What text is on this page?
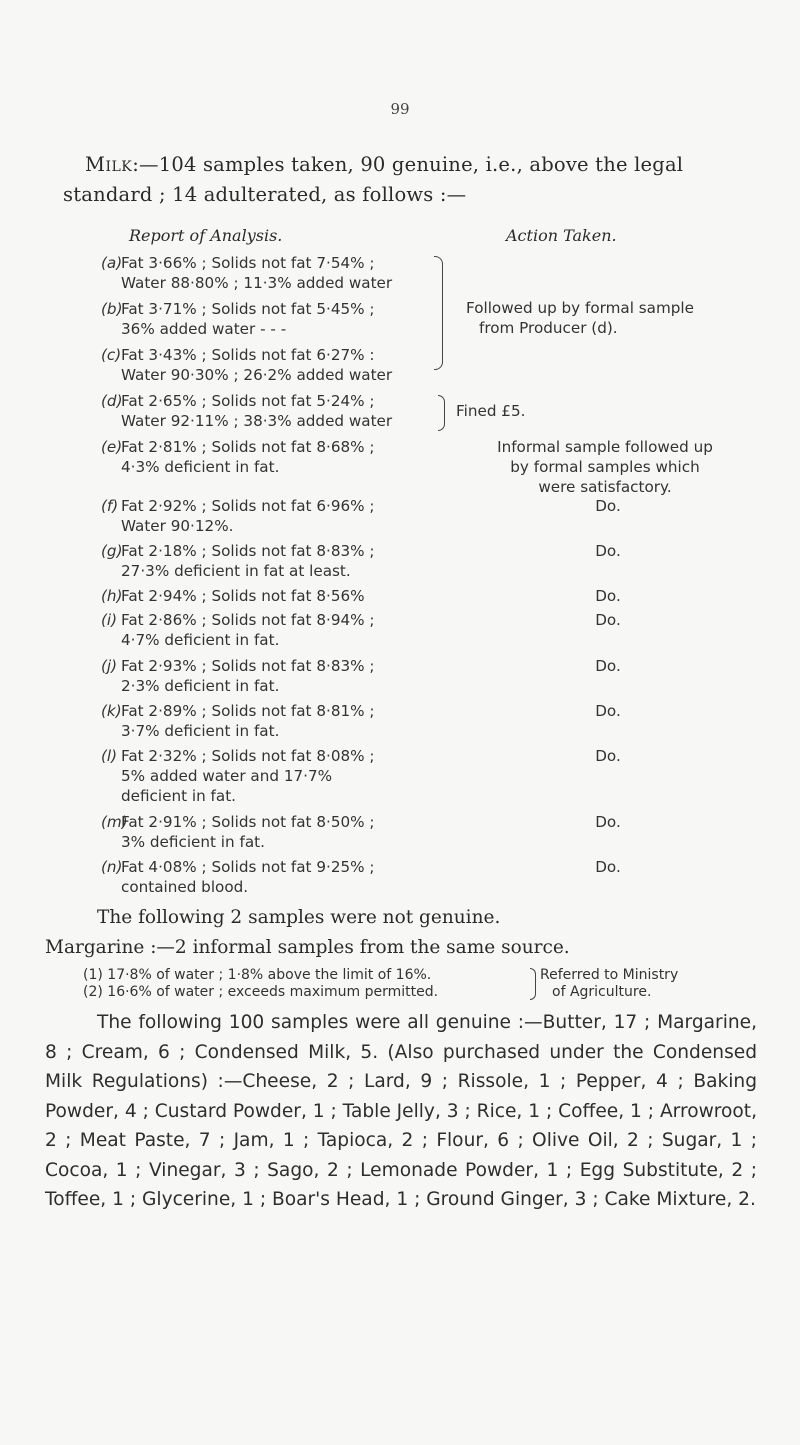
99

Milk:—104 samples taken, 90 genuine, i.e., above the legal

standard ; 14 adulterated, as follows :—

Report of Analysis.	Action Taken.
(a)Fat 3·66% ; Solids not fat 7·54% ;
Water 88·80% ; 11·3% added water
(b)Fat 3·71% ; Solids not fat 5·45% ;
36% added water - - -
(c)Fat 3·43% ; Solids not fat 6·27% :
Water 90·30% ; 26·2% added water
(d)Fat 2·65% ; Solids not fat 5·24% ;
Water 92·11% ; 38·3% added water
(e)Fat 2·81% ; Solids not fat 8·68% ;
4·3% deficient in fat.
(f) Fat 2·92% ; Solids not fat 6·96% ;
Water 90·12%.
(g)Fat 2·18% ; Solids not fat 8·83% ;
27·3% deficient in fat at least.
(h)Fat 2·94% ; Solids not fat 8·56%
(i) Fat 2·86% ; Solids not fat 8·94% ;
4·7% deficient in fat.
(j) Fat 2·93% ; Solids not fat 8·83% ;
2·3% deficient in fat.
(k)Fat 2·89% ; Solids not fat 8·81% ;
3·7% deficient in fat.
(l) Fat 2·32% ; Solids not fat 8·08% ;
5% added water and 17·7%
deficient in fat.
(m)Fat 2·91% ; Solids not fat 8·50% ;
3% deficient in fat.
(n)Fat 4·08% ; Solids not fat 9·25% ;
contained blood.
Followed up by formal sample
from Producer (d).
Fined £5.
Informal sample followed up
by formal samples which
were satisfactory.
Do.
Do.
Do.
Do.
Do.
Do.
Do.
Do.
Do.
The following 2 samples were not genuine.
Margarine :—2 informal samples from the same source.
(1) 17·8% of water ; 1·8% above the limit of 16%.
(2) 16·6% of water ; exceeds maximum permitted.
Referred to Ministry
of Agriculture.
The following 100 samples were all genuine :—Butter, 17 ; Margarine, 8 ; Cream, 6 ; Condensed Milk, 5. (Also purchased under the Condensed Milk Regulations) :—Cheese, 2 ; Lard, 9 ; Rissole, 1 ; Pepper, 4 ; Baking Powder, 4 ; Custard Powder, 1 ; Table Jelly, 3 ; Rice, 1 ; Coffee, 1 ; Arrowroot, 2 ; Meat Paste, 7 ; Jam, 1 ; Tapioca, 2 ; Flour, 6 ; Olive Oil, 2 ; Sugar, 1 ; Cocoa, 1 ; Vinegar, 3 ; Sago, 2 ; Lemonade Powder, 1 ; Egg Substitute, 2 ; Toffee, 1 ; Glycerine, 1 ; Boar's Head, 1 ; Ground Ginger, 3 ; Cake Mixture, 2.
